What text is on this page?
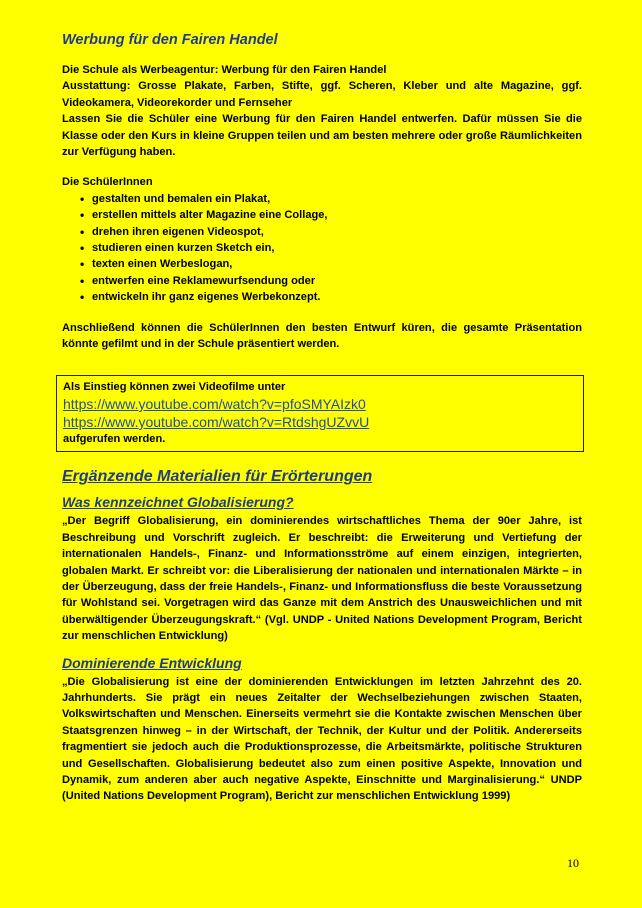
Werbung für den Fairen Handel

Die Schule als Werbeagentur: Werbung für den Fairen Handel

Ausstattung: Grosse Plakate, Farben, Stifte, ggf. Scheren, Kleber und alte Magazine, ggf. Videokamera, Videorekorder und Fernseher

Lassen Sie die Schüler eine Werbung für den Fairen Handel entwerfen. Dafür müssen Sie die Klasse oder den Kurs in kleine Gruppen teilen und am besten mehrere oder große Räumlichkeiten zur Verfügung haben.

Die SchülerInnen

• gestalten und bemalen ein Plakat,
• erstellen mittels alter Magazine eine Collage,
• drehen ihren eigenen Videospot,
• studieren einen kurzen Sketch ein,
• texten einen Werbeslogan,
• entwerfen eine Reklamewurfsendung oder
• entwickeln ihr ganz eigenes Werbekonzept.

Anschließend können die SchülerInnen den besten Entwurf küren, die gesamte Präsentation könnte gefilmt und in der Schule präsentiert werden.

Als Einstieg können zwei Videofilme unter

https://www.youtube.com/watch?v=pfoSMYAIzk0
https://www.youtube.com/watch?v=RtdshgUZvvU

aufgerufen werden.

Ergänzende Materialien für Erörterungen
Was kennzeichnet Globalisierung?

„Der Begriff Globalisierung, ein dominierendes wirtschaftliches Thema der 90er Jahre, ist Beschreibung und Vorschrift zugleich. Er beschreibt: die Erweiterung und Vertiefung der internationalen Handels-, Finanz- und Informationsströme auf einem einzigen, integrierten, globalen Markt. Er schreibt vor: die Liberalisierung der nationalen und internationalen Märkte – in der Überzeugung, dass der freie Handels-, Finanz- und Informationsfluss die beste Voraussetzung für Wohlstand sei. Vorgetragen wird das Ganze mit dem Anstrich des Unausweichlichen und mit überwältigender Überzeugungskraft.“ (Vgl. UNDP - United Nations Development Program, Bericht zur menschlichen Entwicklung)

Dominierende Entwicklung

„Die Globalisierung ist eine der dominierenden Entwicklungen im letzten Jahrzehnt des 20. Jahrhunderts. Sie prägt ein neues Zeitalter der Wechselbeziehungen zwischen Staaten, Volkswirtschaften und Menschen. Einerseits vermehrt sie die Kontakte zwischen Menschen über Staatsgrenzen hinweg – in der Wirtschaft, der Technik, der Kultur und der Politik. Andererseits fragmentiert sie jedoch auch die Produktionsprozesse, die Arbeitsmärkte, politische Strukturen und Gesellschaften. Globalisierung bedeutet also zum einen positive Aspekte, Innovation und Dynamik, zum anderen aber auch negative Aspekte, Einschnitte und Marginalisierung.“ UNDP (United Nations Development Program), Bericht zur menschlichen Entwicklung 1999)

10
